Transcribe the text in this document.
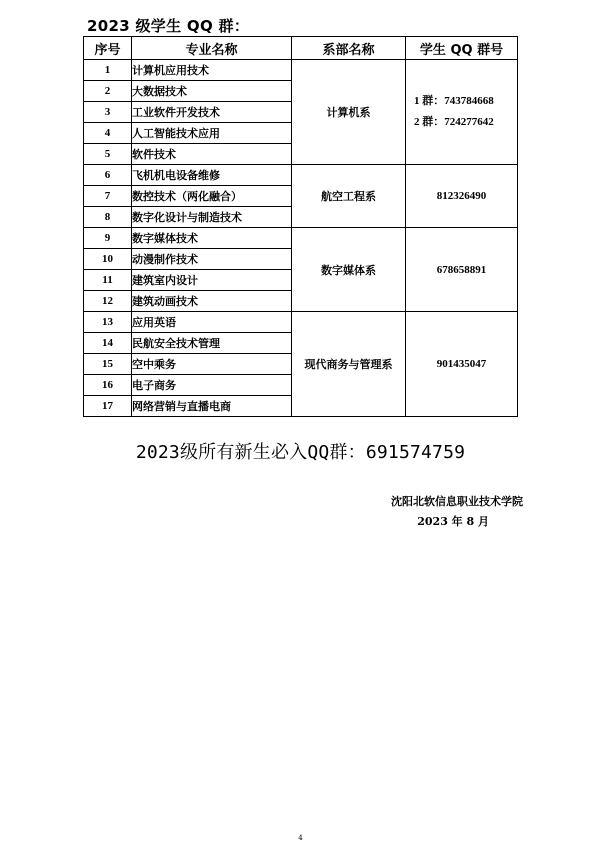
2023 级学生 QQ 群：
序号	专业名称	系部名称	学生 QQ 群号
1	计算机应用技术	计算机系	1 群：743784668
2 群：724277642

2	大数据技术		
3	工业软件开发技术		
4	人工智能技术应用		
5	软件技术		
6	飞机机电设备维修	航空工程系	812326490
7	数控技术（两化融合）		
8	数字化设计与制造技术		
9	数字媒体技术	数字媒体系	678658891
10	动漫制作技术		
11	建筑室内设计		
12	建筑动画技术		
13	应用英语	现代商务与管理系	901435047
14	民航安全技术管理		
15	空中乘务		
16	电子商务		
17	网络营销与直播电商		
2023级所有新生必入QQ群：691574759
沈阳北软信息职业技术学院
2023 年 8 月
4
